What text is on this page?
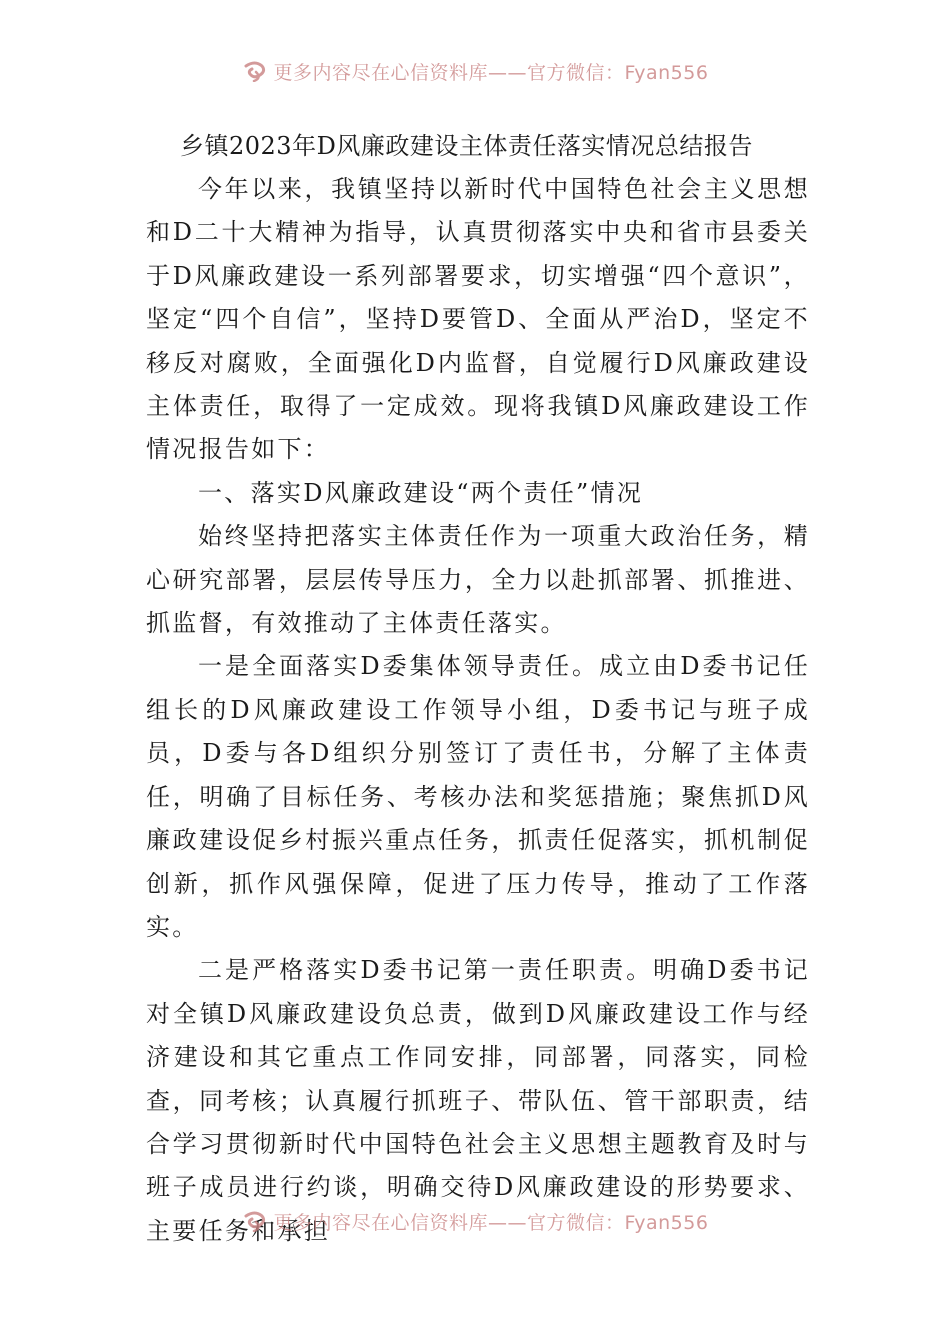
更多内容尽在心信资料库——官方微信：Fyan556
乡镇2023年D风廉政建设主体责任落实情况总结报告

今年以来，我镇坚持以新时代中国特色社会主义思想和D二十大精神为指导，认真贯彻落实中央和省市县委关于D风廉政建设一系列部署要求，切实增强“四个意识”，坚定“四个自信”，坚持D要管D、全面从严治D，坚定不移反对腐败，全面强化D内监督，自觉履行D风廉政建设主体责任，取得了一定成效。现将我镇D风廉政建设工作情况报告如下：

一、落实D风廉政建设“两个责任”情况

始终坚持把落实主体责任作为一项重大政治任务，精心研究部署，层层传导压力，全力以赴抓部署、抓推进、抓监督，有效推动了主体责任落实。

一是全面落实D委集体领导责任。成立由D委书记任组长的D风廉政建设工作领导小组，D委书记与班子成员，D委与各D组织分别签订了责任书，分解了主体责任，明确了目标任务、考核办法和奖惩措施；聚焦抓D风廉政建设促乡村振兴重点任务，抓责任促落实，抓机制促创新，抓作风强保障，促进了压力传导，推动了工作落实。

二是严格落实D委书记第一责任职责。明确D委书记对全镇D风廉政建设负总责，做到D风廉政建设工作与经济建设和其它重点工作同安排，同部署，同落实，同检查，同考核；认真履行抓班子、带队伍、管干部职责，结合学习贯彻新时代中国特色社会主义思想主题教育及时与班子成员进行约谈，明确交待D风廉政建设的形势要求、主要任务和承担

更多内容尽在心信资料库——官方微信：Fyan556
